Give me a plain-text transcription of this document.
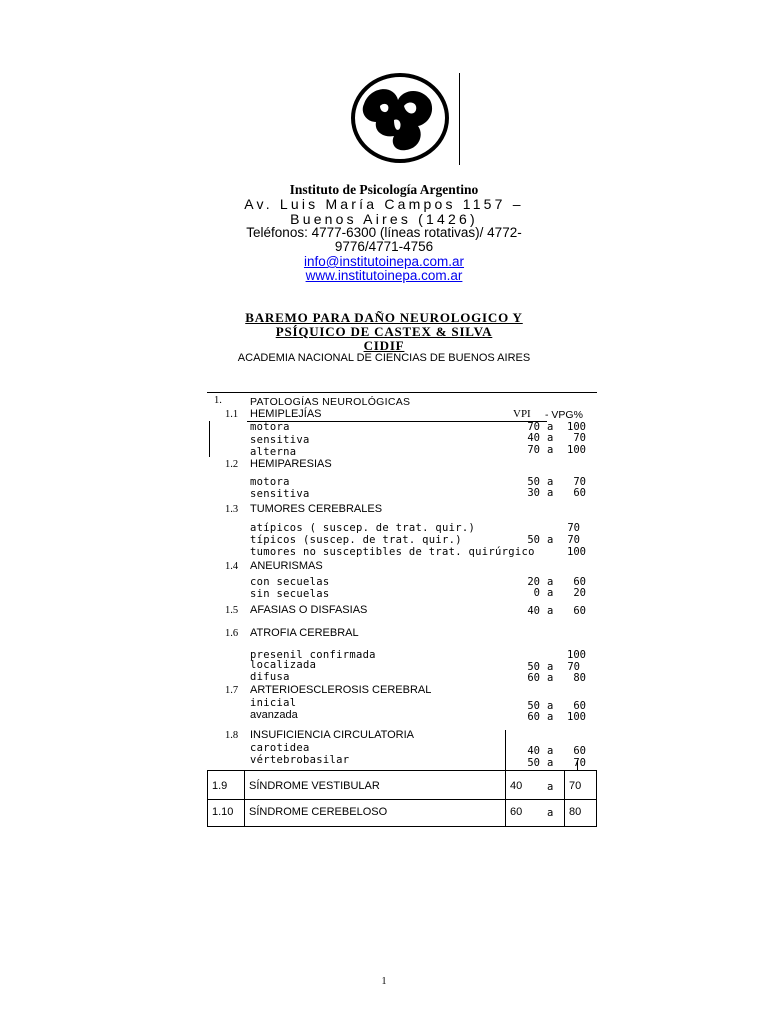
Instituto de Psicología Argentino
Av. Luis María Campos 1157 –
Buenos Aires (1426)
Teléfonos: 4777-6300 (líneas rotativas)/ 4772-
9776/4771-4756
info@institutoinepa.com.ar
www.institutoinepa.com.ar
BAREMO PARA DAÑO NEUROLOGICO Y
PSÍQUICO DE CASTEX & SILVA
CIDIF
ACADEMIA NACIONAL DE CIENCIAS DE BUENOS AIRES
1.	PATOLOGÍAS NEUROLÓGICAS
1.1 HEMIPLEJÍAS	VPI - VPG%
motora	70 a	100
sensitiva	40 a	70
alterna	70 a	100
1.2 HEMIPARESIAS
motora	50 a	70
sensitiva	30 a	60
1.3 TUMORES CEREBRALES
atípicos ( suscep. de trat. quir.)	70
típicos (suscep. de trat. quir.)	50 a	70
tumores no susceptibles de trat. quirúrgico	100
1.4 ANEURISMAS
con secuelas	20 a	60
sin secuelas	0 a	20
1.5 AFASIAS O DISFASIAS	40 a	60
1.6 ATROFIA CEREBRAL
presenil confirmada	100
localizada	50 a	70
difusa	60 a	80
1.7 ARTERIOESCLEROSIS CEREBRAL
inicial	50 a	60
avanzada	60 a	100
1.8 INSUFICIENCIA CIRCULATORIA
carotidea	40 a	60
vértebrobasilar	50 a	70
1.9 SÍNDROME VESTIBULAR	40 a 70
1.10 SÍNDROME CEREBELOSO	60 a 80
1
